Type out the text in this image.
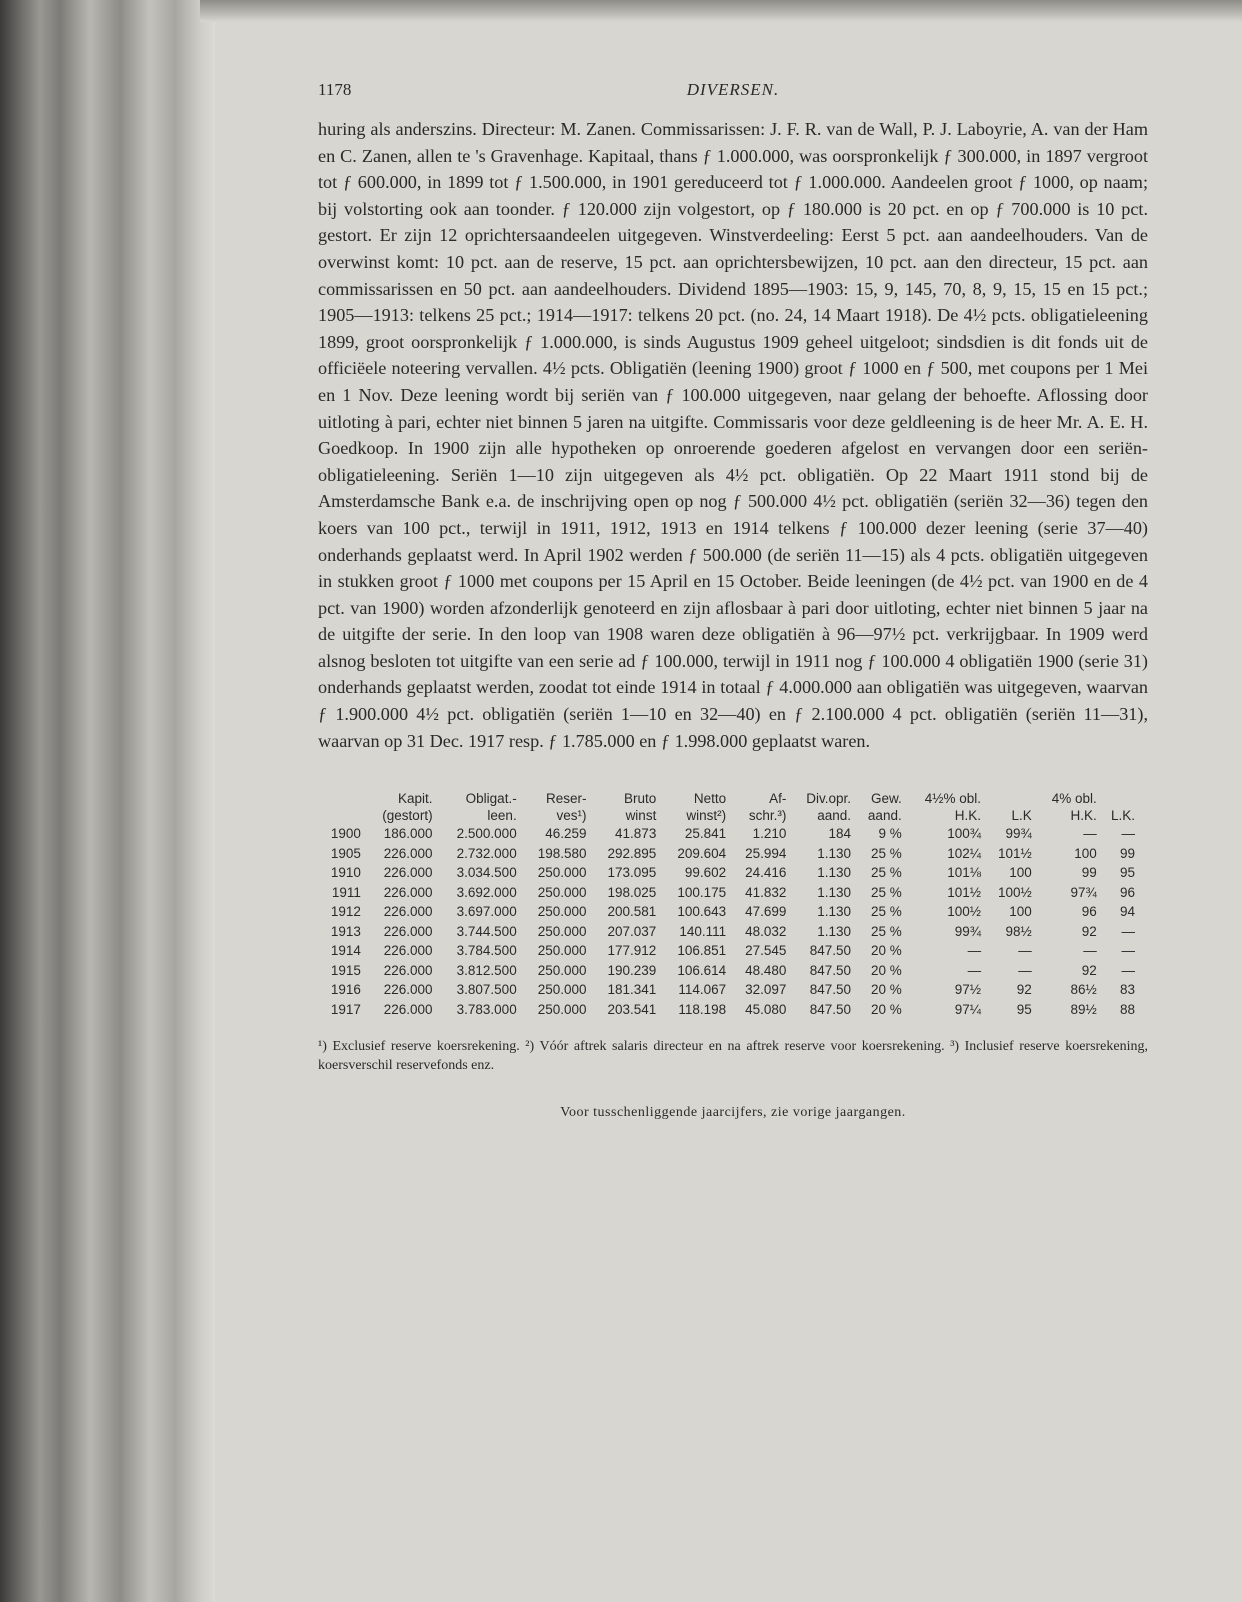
1178	DIVERSEN.

huring als anderszins. Directeur: M. Zanen. Commissarissen: J. F. R. van de Wall, P. J. Laboyrie, A. van der Ham en C. Zanen, allen te 's Gravenhage. Kapitaal, thans ƒ 1.000.000, was oorspronkelijk ƒ 300.000, in 1897 vergroot tot ƒ 600.000, in 1899 tot ƒ 1.500.000, in 1901 gereduceerd tot ƒ 1.000.000. Aandeelen groot ƒ 1000, op naam; bij volstorting ook aan toonder. ƒ 120.000 zijn volgestort, op ƒ 180.000 is 20 pct. en op ƒ 700.000 is 10 pct. gestort. Er zijn 12 oprichtersaandeelen uitgegeven. Winstverdeeling: Eerst 5 pct. aan aandeelhouders. Van de overwinst komt: 10 pct. aan de reserve, 15 pct. aan oprichtersbewijzen, 10 pct. aan den directeur, 15 pct. aan commissarissen en 50 pct. aan aandeelhouders. Dividend 1895—1903: 15, 9, 145, 70, 8, 9, 15, 15 en 15 pct.; 1905—1913: telkens 25 pct.; 1914—1917: telkens 20 pct. (no. 24, 14 Maart 1918). De 4½ pcts. obligatieleening 1899, groot oorspronkelijk ƒ 1.000.000, is sinds Augustus 1909 geheel uitgeloot; sindsdien is dit fonds uit de officiëele noteering vervallen. 4½ pcts. Obligatiën (leening 1900) groot ƒ 1000 en ƒ 500, met coupons per 1 Mei en 1 Nov. Deze leening wordt bij seriën van ƒ 100.000 uitgegeven, naar gelang der behoefte. Aflossing door uitloting à pari, echter niet binnen 5 jaren na uitgifte. Commissaris voor deze geldleening is de heer Mr. A. E. H. Goedkoop. In 1900 zijn alle hypotheken op onroerende goederen afgelost en vervangen door een seriën-obligatieleening. Seriën 1—10 zijn uitgegeven als 4½ pct. obligatiën. Op 22 Maart 1911 stond bij de Amsterdamsche Bank e.a. de inschrijving open op nog ƒ 500.000 4½ pct. obligatiën (seriën 32—36) tegen den koers van 100 pct., terwijl in 1911, 1912, 1913 en 1914 telkens ƒ 100.000 dezer leening (serie 37—40) onderhands geplaatst werd. In April 1902 werden ƒ 500.000 (de seriën 11—15) als 4 pcts. obligatiën uitgegeven in stukken groot ƒ 1000 met coupons per 15 April en 15 October. Beide leeningen (de 4½ pct. van 1900 en de 4 pct. van 1900) worden afzonderlijk genoteerd en zijn aflosbaar à pari door uitloting, echter niet binnen 5 jaar na de uitgifte der serie. In den loop van 1908 waren deze obligatiën à 96—97½ pct. verkrijgbaar. In 1909 werd alsnog besloten tot uitgifte van een serie ad ƒ 100.000, terwijl in 1911 nog ƒ 100.000 4 obligatiën 1900 (serie 31) onderhands geplaatst werden, zoodat tot einde 1914 in totaal ƒ 4.000.000 aan obligatiën was uitgegeven, waarvan ƒ 1.900.000 4½ pct. obligatiën (seriën 1—10 en 32—40) en ƒ 2.100.000 4 pct. obligatiën (seriën 11—31), waarvan op 31 Dec. 1917 resp. ƒ 1.785.000 en ƒ 1.998.000 geplaatst waren.

	Kapit.	Obligat.-	Reser-	Bruto	Netto	Af-	Div.opr.	Gew.	4½% obl.		4% obl.	
	(gestort)	leen.	ves¹)	winst	winst²)	schr.³)	aand.	aand.	H.K.	L.K	H.K.	L.K.
1900	186.000	2.500.000	46.259	41.873	25.841	1.210	184	9 %	100¾	99¾	—	—
1905	226.000	2.732.000	198.580	292.895	209.604	25.994	1.130	25 %	102¼	101½	100	99
1910	226.000	3.034.500	250.000	173.095	99.602	24.416	1.130	25 %	101⅛	100	99	95
1911	226.000	3.692.000	250.000	198.025	100.175	41.832	1.130	25 %	101½	100½	97¾	96
1912	226.000	3.697.000	250.000	200.581	100.643	47.699	1.130	25 %	100½	100	96	94
1913	226.000	3.744.500	250.000	207.037	140.111	48.032	1.130	25 %	99¾	98½	92	—
1914	226.000	3.784.500	250.000	177.912	106.851	27.545	847.50	20 %	—	—	—	—
1915	226.000	3.812.500	250.000	190.239	106.614	48.480	847.50	20 %	—	—	92	—
1916	226.000	3.807.500	250.000	181.341	114.067	32.097	847.50	20 %	97½	92	86½	83
1917	226.000	3.783.000	250.000	203.541	118.198	45.080	847.50	20 %	97¼	95	89½	88
¹) Exclusief reserve koersrekening. ²) Vóór aftrek salaris directeur en na aftrek reserve voor koersrekening. ³) Inclusief reserve koersrekening, koersverschil reservefonds enz.
Voor tusschenliggende jaarcijfers, zie vorige jaargangen.
